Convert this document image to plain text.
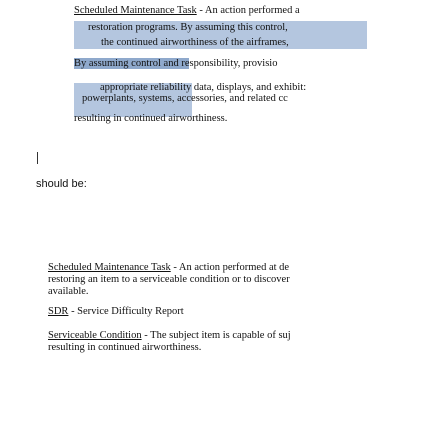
Scheduled Maintenance Task - An action performed a
restoration programs. By assuming this control,
the continued airworthiness of the airframes,
By assuming control and responsibility, provisio
appropriate reliability data, displays, and exhibit:
powerplants, systems, accessories, and related cc
resulting in continued airworthiness.
should be:
Scheduled Maintenance Task - An action performed at de
restoring an item to a serviceable condition or to discover
available.
SDR - Service Difficulty Report
Serviceable Condition - The subject item is capable of suj
resulting in continued airworthiness.
